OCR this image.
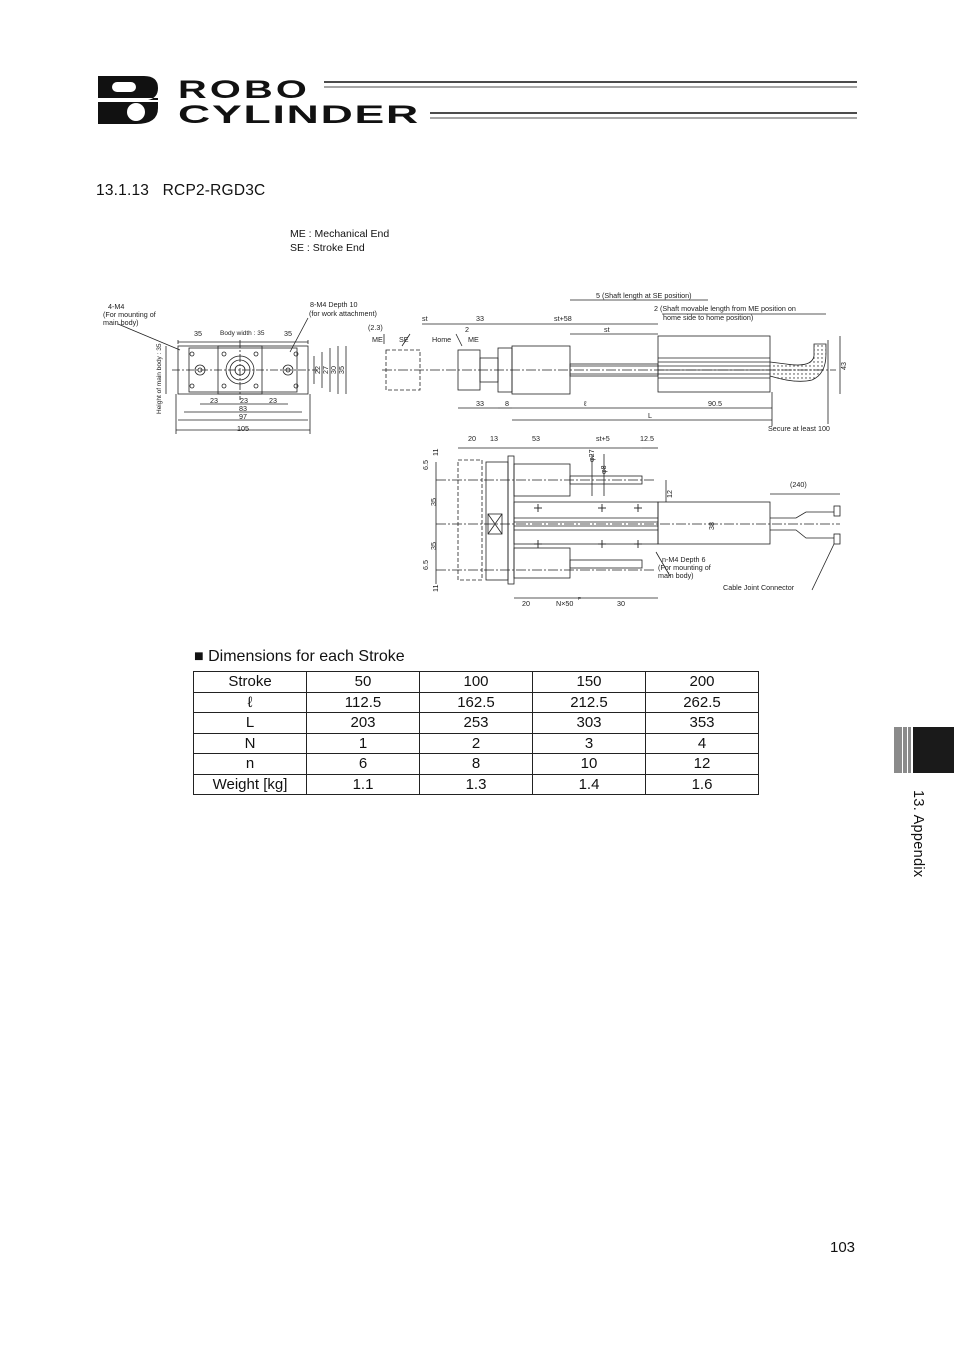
ROBO
CYLINDER
13.1.13 RCP2-RGD3C
ME : Mechanical End
SE : Stroke End
4-M4
(For mounting of
main body)
8-M4 Depth 10
(for work attachment)
35	Body width : 35	35
Height of main body : 35	23	23	23
83
97
105
22 27 30 35
(2.3)
ME SE	Home
2
ME
st	33	st+58
5 (Shaft length at SE position)
2 (Shaft movable length from ME position on
home side to home position)
st
33	8	ℓ	90.5
L
43
Secure at least 100
20 13	53	st+5	12.5
11
6.5
35
35
6.5
11
φ27
φ8
12
(240)
38
n-M4 Depth 6
(For mounting of
main body)
Cable Joint Connector
20	N×50
P
30
■ Dimensions for each Stroke
Stroke	50	100	150	200
ℓ	112.5	162.5	212.5	262.5
L	203	253	303	353
N	1	2	3	4
n	6	8	10	12
Weight [kg]	1.1	1.3	1.4	1.6
13. Appendix
103
